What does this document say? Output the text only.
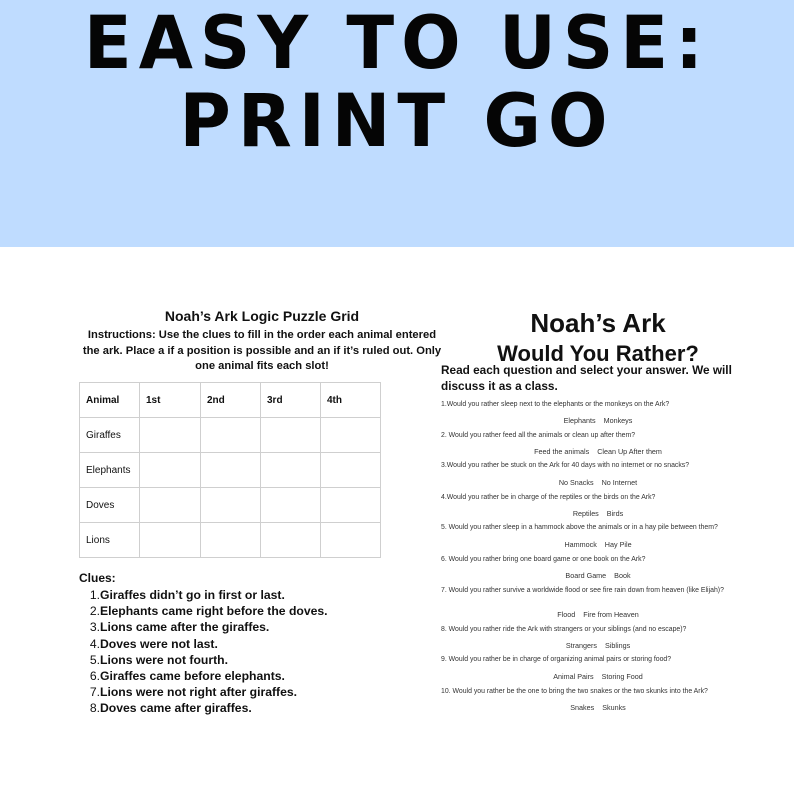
EASY TO USE:
PRINT GO
Noah’s Ark Logic Puzzle Grid
Instructions: Use the clues to fill in the order each animal entered the ark. Place a if a position is possible and an if it’s ruled out. Only one animal fits each slot!
Animal	1st	2nd	3rd	4th
Giraffes				
Elephants				
Doves				
Lions				
Clues:
1.Giraffes didn’t go in first or last.
2.Elephants came right before the doves.
3.Lions came after the giraffes.
4.Doves were not last.
5.Lions were not fourth.
6.Giraffes came before elephants.
7.Lions were not right after giraffes.
8.Doves came after giraffes.
Noah’s Ark
Would You Rather?
Read each question and select your answer. We will discuss it as a class.
1.Would you rather sleep next to the elephants or the monkeys on the Ark?
Elephants Monkeys
2. Would you rather feed all the animals or clean up after them?
Feed the animals Clean Up After them
3.Would you rather be stuck on the Ark for 40 days with no internet or no snacks?
No Snacks No Internet
4.Would you rather be in charge of the reptiles or the birds on the Ark?
Reptiles Birds
5. Would you rather sleep in a hammock above the animals or in a hay pile between them?
Hammock Hay Pile
6. Would you rather bring one board game or one book on the Ark?
Board Game Book
7. Would you rather survive a worldwide flood or see fire rain down from heaven (like Elijah)?
Flood Fire from Heaven
8. Would you rather ride the Ark with strangers or your siblings (and no escape)?
Strangers Siblings
9. Would you rather be in charge of organizing animal pairs or storing food?
Animal Pairs Storing Food
10. Would you rather be the one to bring the two snakes or the two skunks into the Ark?
Snakes Skunks
